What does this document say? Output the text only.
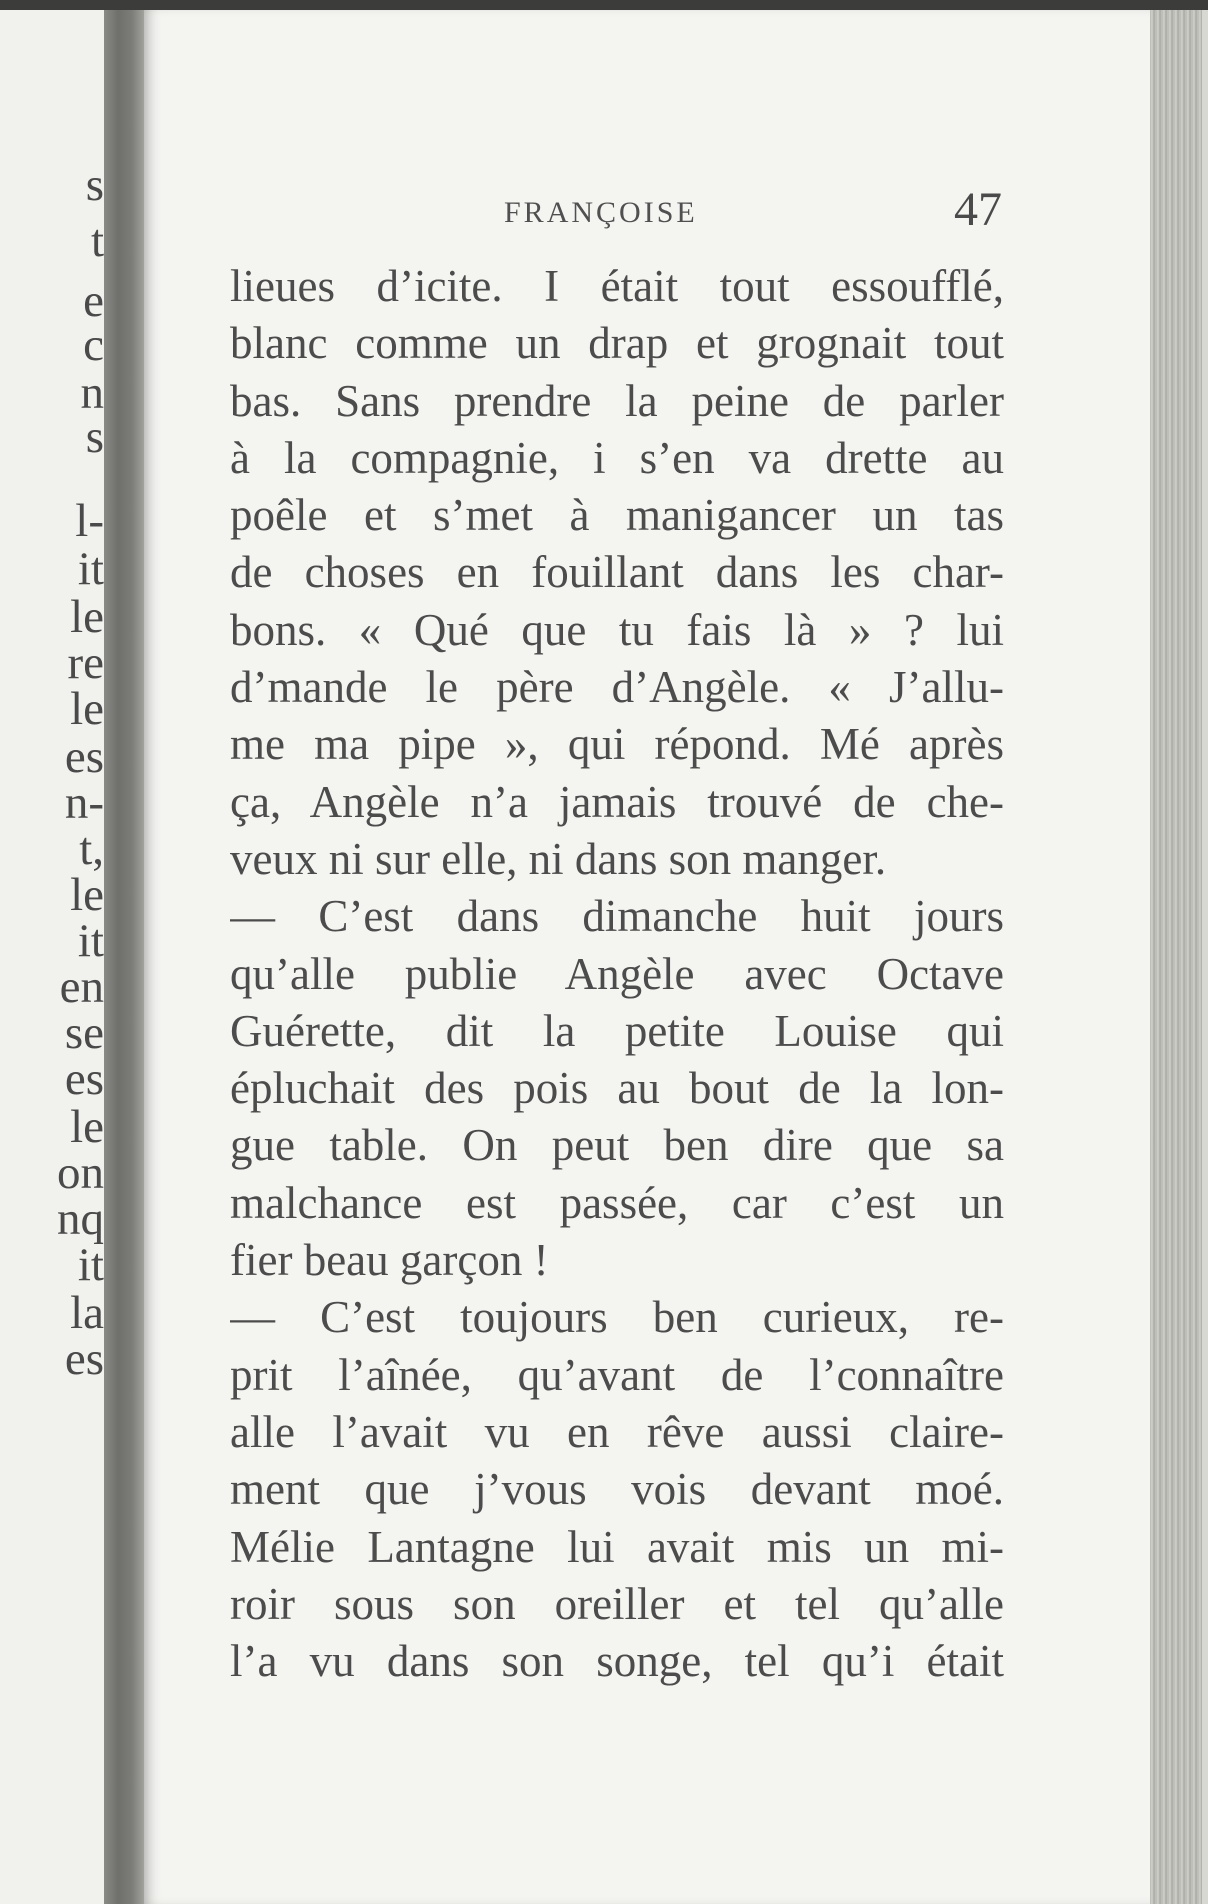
s
t
e
c
n
s
l-
it
le
re
le
es
n-
t,
le
it
en
se
es
le
on
nq
it
la
es
FRANÇOISE	47
lieues d’icite. I était tout essoufflé,
blanc comme un drap et grognait tout
bas. Sans prendre la peine de parler
à la compagnie, i s’en va drette au
poêle et s’met à manigancer un tas
de choses en fouillant dans les char-
bons. « Qué que tu fais là » ? lui
d’mande le père d’Angèle. « J’allu-
me ma pipe », qui répond. Mé après
ça, Angèle n’a jamais trouvé de che-
veux ni sur elle, ni dans son manger.
— C’est dans dimanche huit jours
qu’alle publie Angèle avec Octave
Guérette, dit la petite Louise qui
épluchait des pois au bout de la lon-
gue table. On peut ben dire que sa
malchance est passée, car c’est un
fier beau garçon !
— C’est toujours ben curieux, re-
prit l’aînée, qu’avant de l’connaître
alle l’avait vu en rêve aussi claire-
ment que j’vous vois devant moé.
Mélie Lantagne lui avait mis un mi-
roir sous son oreiller et tel qu’alle
l’a vu dans son songe, tel qu’i était
